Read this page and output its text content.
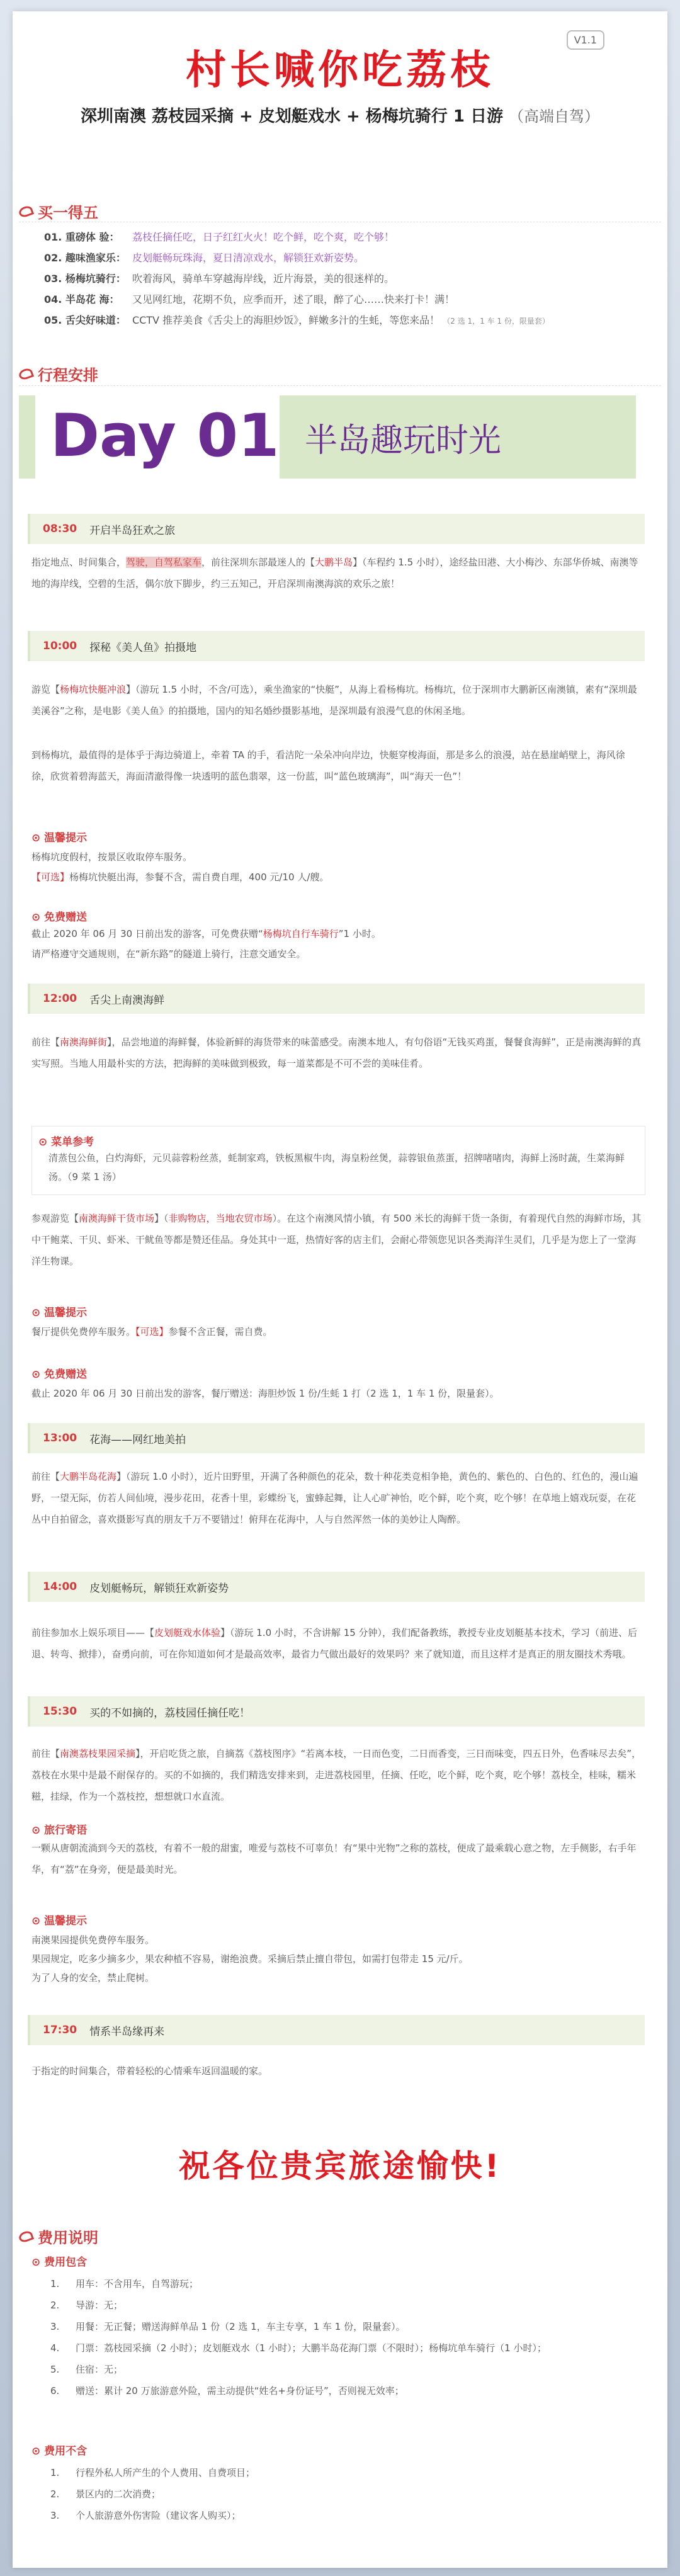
V1.1
村长喊你吃荔枝
深圳南澳 荔枝园采摘 + 皮划艇戏水 + 杨梅坑骑行 1 日游 （高端自驾）
买一得五
01. 重磅体 验： 荔枝任摘任吃，日子红红火火！吃个鲜，吃个爽，吃个够！
02. 趣味渔家乐： 皮划艇畅玩珠海，夏日清凉戏水，解锁狂欢新姿势。
03. 杨梅坑骑行： 吹着海风，骑单车穿越海岸线，近片海景，美的很迷样的。
04. 半岛花 海： 又见网红地，花期不负，应季而开，述了眼，醉了心……快来打卡！满！
05. 舌尖好味道： CCTV 推荐美食《舌尖上的海胆炒饭》，鲜嫩多汁的生蚝，等您来品！ （2 选 1，1 车 1 份，限量套）
行程安排
Day 01 半岛趣玩时光
08:30 开启半岛狂欢之旅
指定地点、时间集合，驾驶，自驾私家车，前往深圳东部最迷人的【大鹏半岛】（车程约 1.5 小时），途经盐田港、大小梅沙、东部华侨城、南澳等地的海岸线，空碧的生活，偶尔放下脚步，约三五知己，开启深圳南澳海滨的欢乐之旅！
10:00 探秘《美人鱼》拍摄地
游览【杨梅坑快艇冲浪】（游玩 1.5 小时，不含/可选），乘坐渔家的“快艇”，从海上看杨梅坑。杨梅坑，位于深圳市大鹏新区南澳镇，素有“深圳最美溪谷”之称，是电影《美人鱼》的拍摄地，国内的知名婚纱摄影基地，是深圳最有浪漫气息的休闲圣地。
到杨梅坑，最值得的是体乎于海边骑道上，牵着 TA 的手，看洁陀一朵朵冲向岸边，快艇穿梭海面，那是多么的浪漫，站在悬崖峭壁上，海风徐徐，欣赏着碧海蓝天，海面清澈得像一块透明的蓝色翡翠，这一份蓝，叫“蓝色玻璃海”，叫“海天一色”！
⊙ 温馨提示
杨梅坑度假村，按景区收取停车服务。
【可选】杨梅坑快艇出海，参餐不含，需自费自理，400 元/10 人/艘。
⊙ 免费赠送
截止 2020 年 06 月 30 日前出发的游客，可免费获赠“杨梅坑自行车骑行”1 小时。
请严格遵守交通规则，在“新东路”的隧道上骑行，注意交通安全。
12:00 舌尖上南澳海鲜
前往【南澳海鲜街】，品尝地道的海鲜餐，体验新鲜的海货带来的味蕾感受。南澳本地人，有句俗语“无钱买鸡蛋，餐餐食海鲜”，正是南澳海鲜的真实写照。当地人用最朴实的方法，把海鲜的美味做到极致，每一道菜都是不可不尝的美味佳肴。
⊙ 菜单参考
清蒸包公鱼，白灼海虾，元贝蒜蓉粉丝蒸，蚝制家鸡，铁板黑椒牛肉，海皇粉丝煲，蒜蓉银鱼蒸蛋，招牌啫啫肉，海鲜上汤时蔬，生菜海鲜汤。（9 菜 1 汤）
参观游览【南澳海鲜干货市场】（非购物店，当地农贸市场）。在这个南澳风情小镇，有 500 米长的海鲜干货一条街，有着现代自然的海鲜市场，其中干鲍菜、干贝、虾米、干鱿鱼等都是赞还佳品。身处其中一逛，热情好客的店主们，会耐心带领您见识各类海洋生灵们，几乎是为您上了一堂海洋生物课。
⊙ 温馨提示
餐厅提供免费停车服务。【可选】参餐不含正餐，需自费。
⊙ 免费赠送
截止 2020 年 06 月 30 日前出发的游客，餐厅赠送：海胆炒饭 1 份/生蚝 1 打（2 选 1，1 车 1 份，限量套）。
13:00 花海——网红地美拍
前往【大鹏半岛花海】（游玩 1.0 小时），近片田野里，开满了各种颜色的花朵，数十种花类竞相争艳，黄色的、紫色的、白色的、红色的，漫山遍野，一望无际，仿若人间仙境，漫步花田，花香十里，彩蝶纷飞，蜜蜂起舞，让人心旷神怡，吃个鲜，吃个爽，吃个够！在草地上嬉戏玩耍，在花丛中自拍留念，喜欢摄影写真的朋友千万不要错过！俯拜在花海中，人与自然浑然一体的美妙让人陶醉。
14:00 皮划艇畅玩，解锁狂欢新姿势
前往参加水上娱乐项目——【皮划艇戏水体验】（游玩 1.0 小时，不含讲解 15 分钟），我们配备教练，教授专业皮划艇基本技术，学习（前进、后退、转弯、掀排），奋勇向前，可在你知道如何才是最高效率，最省力气做出最好的效果吗？来了就知道，而且这样才是真正的朋友圈技术秀哦。
15:30 买的不如摘的，荔枝园任摘任吃！
前往【南澳荔枝果园采摘】，开启吃货之旅，自摘荔《荔枝图序》“若离本枝，一日而色变，二日而香变，三日而味变，四五日外，色香味尽去矣”，荔枝在水果中是最不耐保存的。买的不如摘的，我们精选安排来到，走进荔枝园里，任摘、任吃，吃个鲜，吃个爽，吃个够！荔枝全，桂味，糯米糍，挂绿，作为一个荔枝控，想想就口水直流。
⊙ 旅行寄语
一颗从唐朝流淌到今天的荔枝，有着不一般的甜蜜，唯爱与荔枝不可辜负！有“果中光物”之称的荔枝，便成了最乘载心意之物，左手侧影，右手年华，有“荔”在身旁，便是最美时光。
⊙ 温馨提示
南澳果园提供免费停车服务。
果园规定，吃多少摘多少，果农种植不容易，谢绝浪费。采摘后禁止擅自带包，如需打包带走 15 元/斤。
为了人身的安全，禁止爬树。
17:30 情系半岛缘再来
于指定的时间集合，带着轻松的心情乘车返回温暖的家。
祝各位贵宾旅途愉快!
费用说明
⊙ 费用包含
1. 用车：不含用车，自驾游玩；
2. 导游：无；
3. 用餐：无正餐；赠送海鲜单品 1 份（2 选 1，车主专享，1 车 1 份，限量套）。
4. 门票：荔枝园采摘（2 小时）；皮划艇戏水（1 小时）；大鹏半岛花海门票（不限时）；杨梅坑单车骑行（1 小时）；
5. 住宿：无；
6. 赠送：累计 20 万旅游意外险，需主动提供“姓名+身份证号”，否则视无效率；
⊙ 费用不含
1. 行程外私人所产生的个人费用、自费项目；
2. 景区内的二次消费；
3. 个人旅游意外伤害险（建议客人购买）；
